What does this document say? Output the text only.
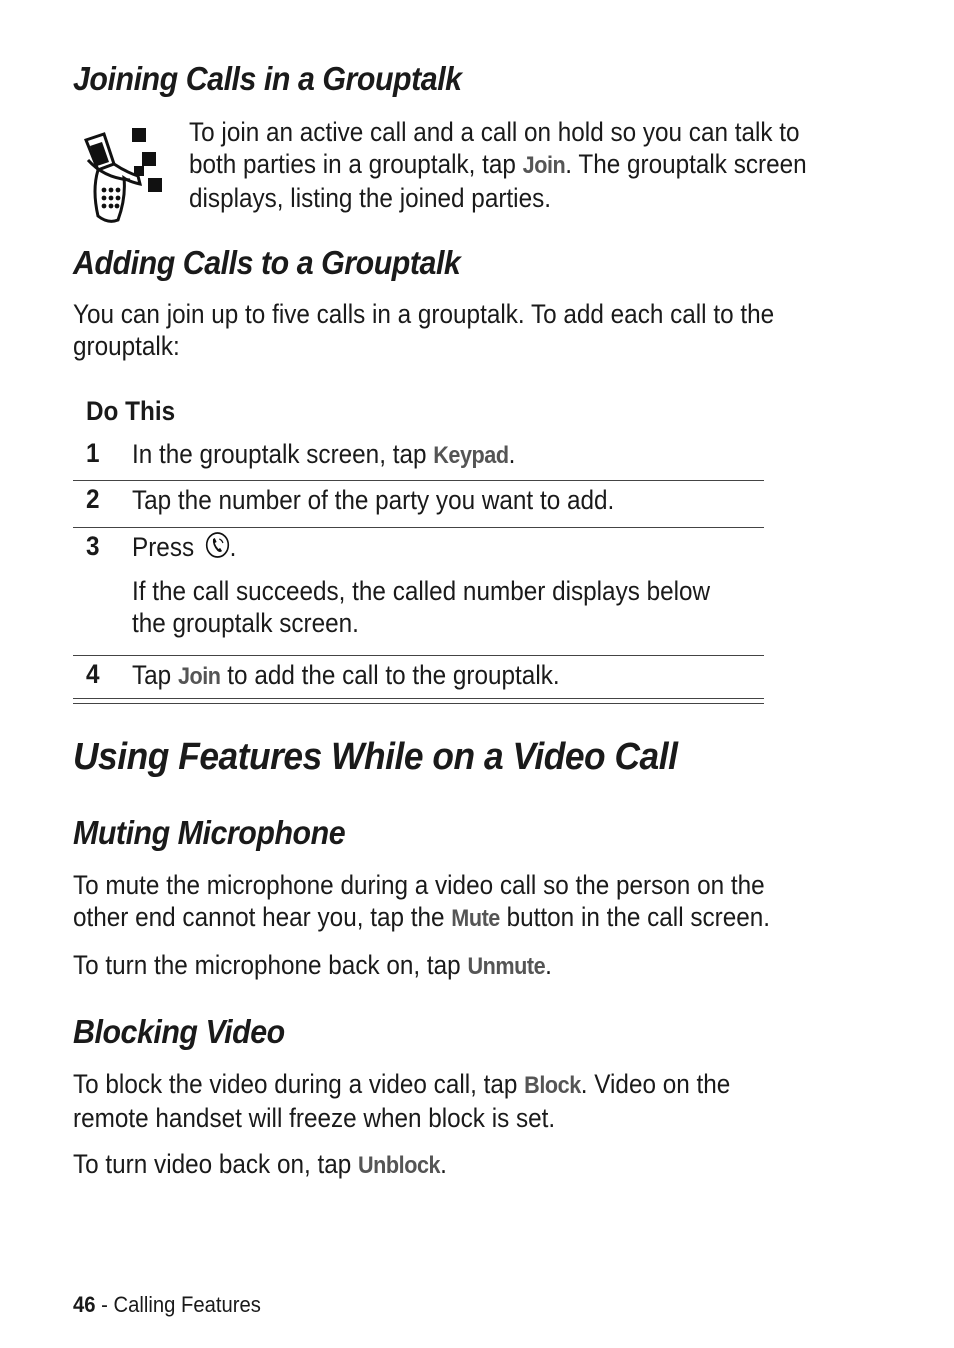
Joining Calls in a Grouptalk

To join an active call and a call on hold so you can talk to
both parties in a grouptalk, tap Join. The grouptalk screen
displays, listing the joined parties.

Adding Calls to a Grouptalk

You can join up to five calls in a grouptalk. To add each call to the
grouptalk:

Do This
1 In the grouptalk screen, tap Keypad.
2 Tap the number of the party you want to add.
3 Press .
If the call succeeds, the called number displays below
the grouptalk screen.
4 Tap Join to add the call to the grouptalk.
Using Features While on a Video Call
Muting Microphone

To mute the microphone during a video call so the person on the
other end cannot hear you, tap the Mute button in the call screen.

To turn the microphone back on, tap Unmute.

Blocking Video

To block the video during a video call, tap Block. Video on the
remote handset will freeze when block is set.

To turn video back on, tap Unblock.

46 - Calling Features
